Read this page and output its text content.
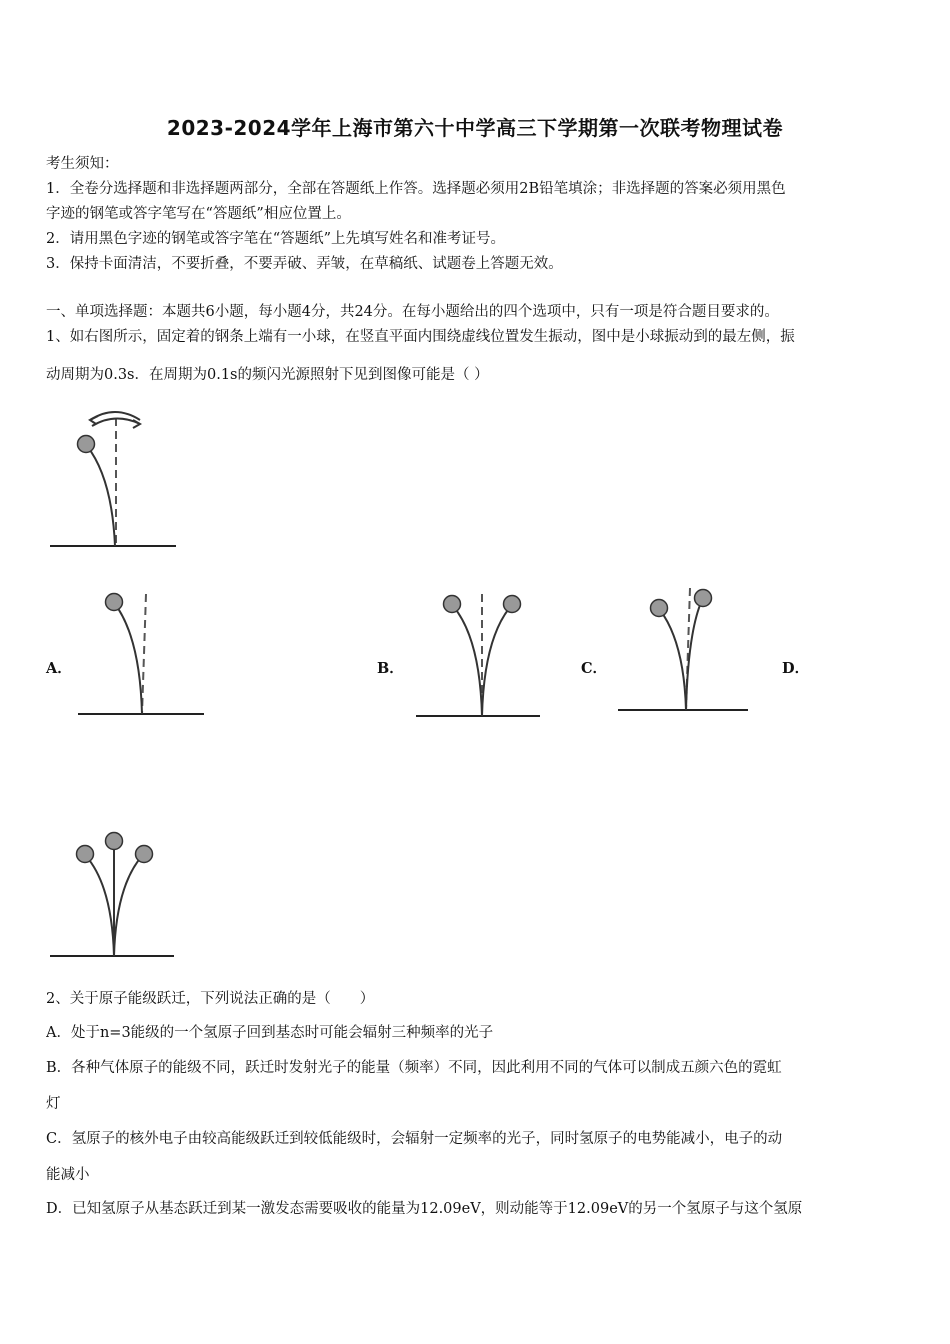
2023-2024学年上海市第六十中学高三下学期第一次联考物理试卷
考生须知：
1．全卷分选择题和非选择题两部分，全部在答题纸上作答。选择题必须用2B铅笔填涂；非选择题的答案必须用黑色
字迹的钢笔或答字笔写在“答题纸”相应位置上。
2．请用黑色字迹的钢笔或答字笔在“答题纸”上先填写姓名和准考证号。
3．保持卡面清洁，不要折叠，不要弄破、弄皱，在草稿纸、试题卷上答题无效。
一、单项选择题：本题共6小题，每小题4分，共24分。在每小题给出的四个选项中，只有一项是符合题目要求的。
1、如右图所示，固定着的钢条上端有一小球，在竖直平面内围绕虚线位置发生振动，图中是小球振动到的最左侧，振
动周期为0.3s．在周期为0.1s的频闪光源照射下见到图像可能是（ ）
A．	B．	C．	D．
2、关于原子能级跃迁，下列说法正确的是（　　）
A．处于n=3能级的一个氢原子回到基态时可能会辐射三种频率的光子
B．各种气体原子的能级不同，跃迁时发射光子的能量（频率）不同，因此利用不同的气体可以制成五颜六色的霓虹
灯
C．氢原子的核外电子由较高能级跃迁到较低能级时，会辐射一定频率的光子，同时氢原子的电势能减小，电子的动
能减小
D．已知氢原子从基态跃迁到某一激发态需要吸收的能量为12.09eV，则动能等于12.09eV的另一个氢原子与这个氢原
